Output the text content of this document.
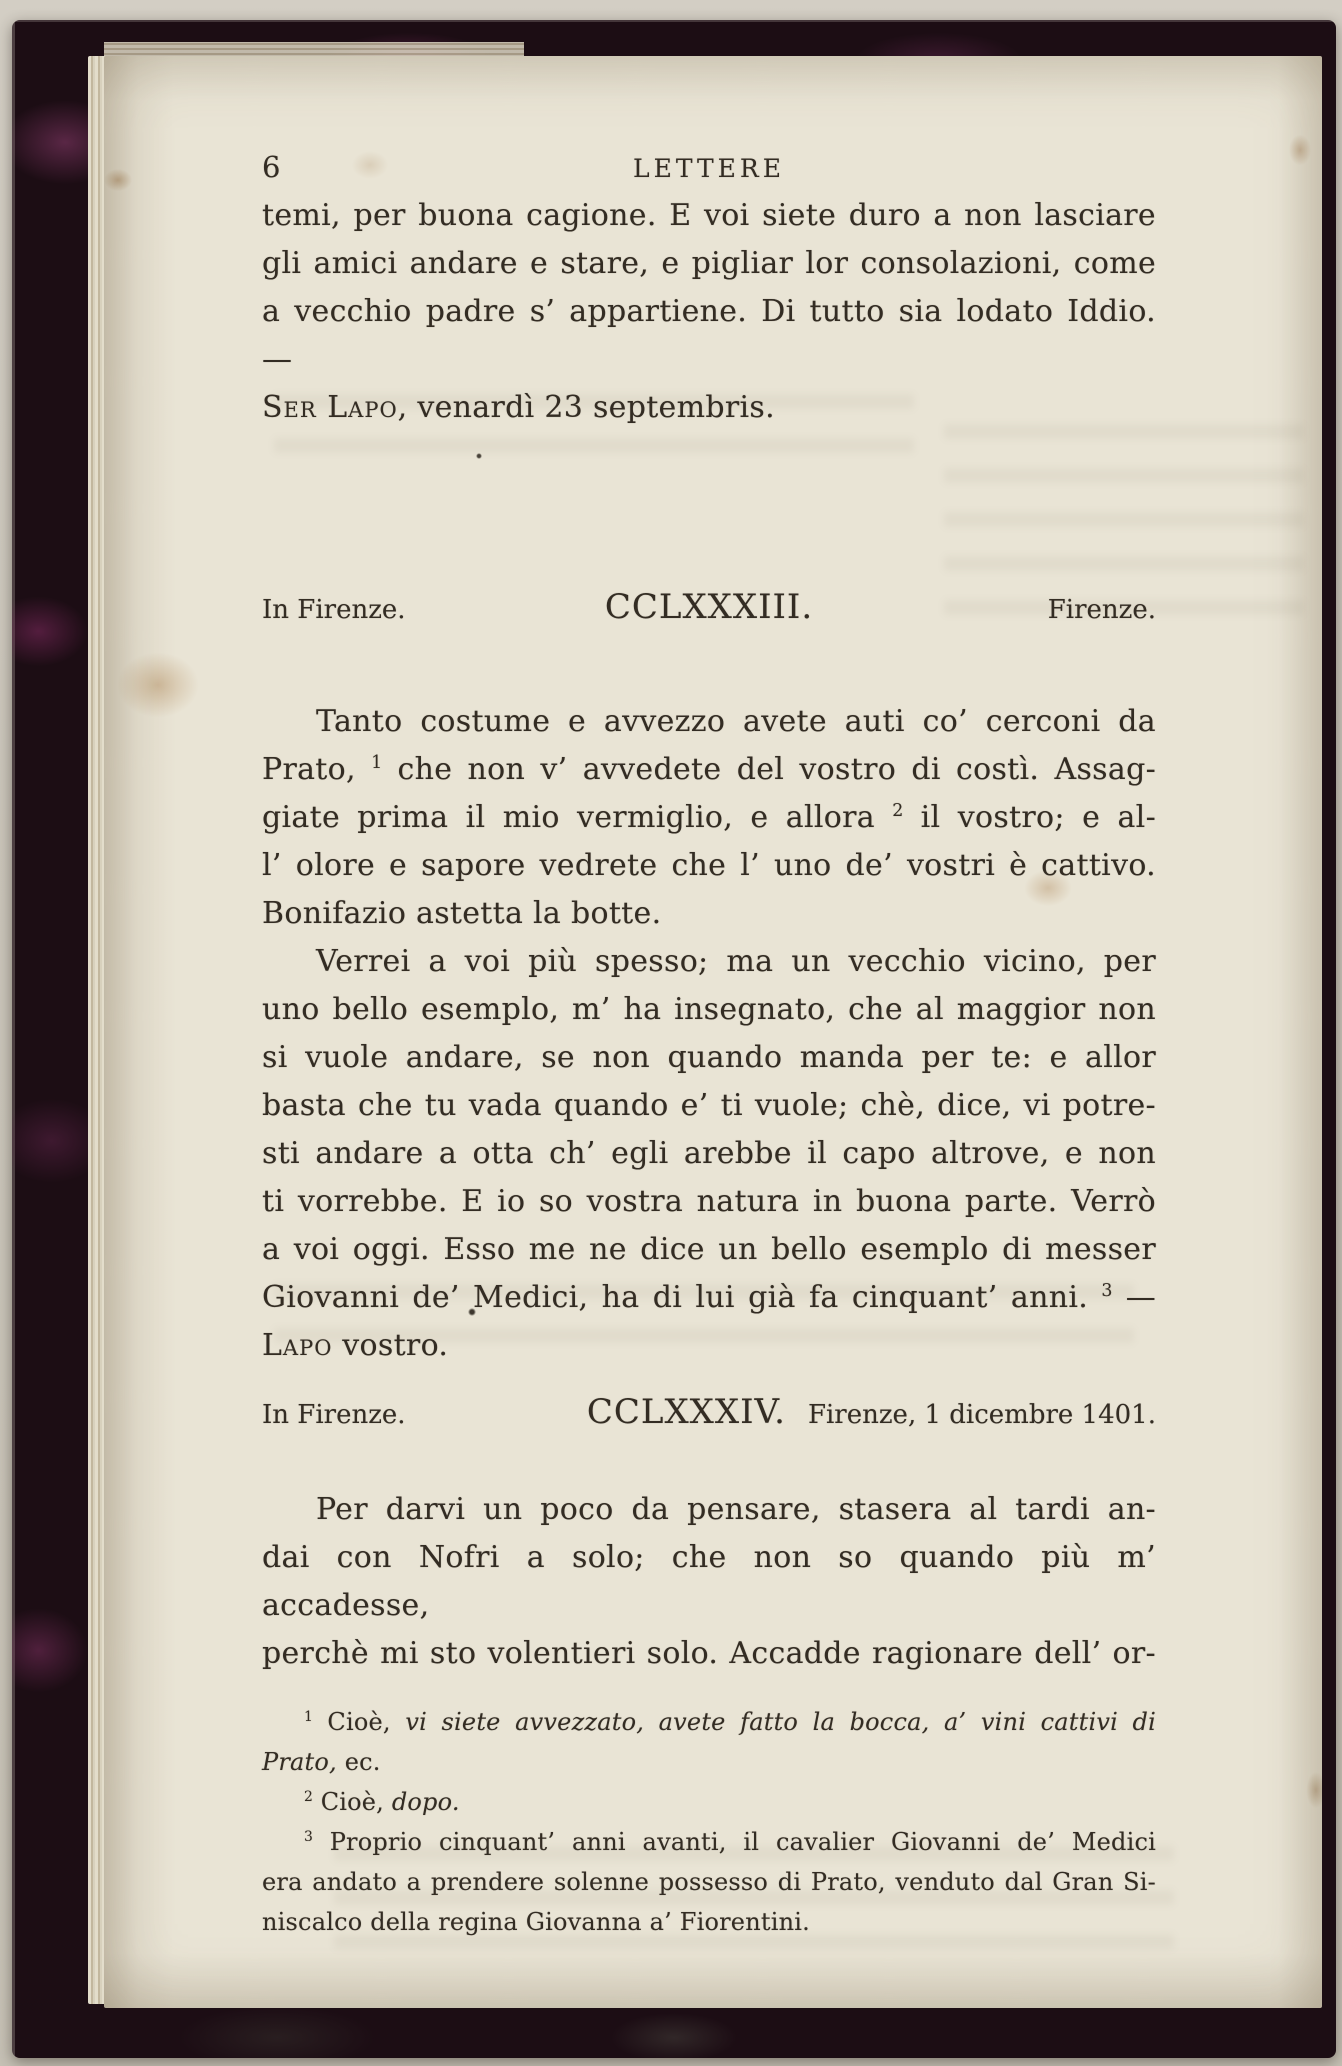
6	LETTERE
temi, per buona cagione. E voi siete duro a non lasciare
gli amici andare e stare, e pigliar lor consolazioni, come
a vecchio padre s’ appartiene. Di tutto sia lodato Iddio. —
Ser Lapo, venardì 23 septembris.
In Firenze.	CCLXXXIII.	Firenze.
Tanto costume e avvezzo avete auti co’ cerconi da
Prato, $^1$ che non v’ avvedete del vostro di costì. Assag-
giate prima il mio vermiglio, e allora $^2$ il vostro; e al-
l’ olore e sapore vedrete che l’ uno de’ vostri è cattivo.
Bonifazio astetta la botte.
Verrei a voi più spesso; ma un vecchio vicino, per
uno bello esemplo, m’ ha insegnato, che al maggior non
si vuole andare, se non quando manda per te: e allor
basta che tu vada quando e’ ti vuole; chè, dice, vi potre-
sti andare a otta ch’ egli arebbe il capo altrove, e non
ti vorrebbe. E io so vostra natura in buona parte. Verrò
a voi oggi. Esso me ne dice un bello esemplo di messer
Giovanni de’ Medici, ha di lui già fa cinquant’ anni. $^3$ —
Lapo vostro.
In Firenze.	CCLXXXIV. Firenze, 1 dicembre 1401.
Per darvi un poco da pensare, stasera al tardi an-
dai con Nofri a solo; che non so quando più m’ accadesse,
perchè mi sto volentieri solo. Accadde ragionare dell’ or-
$^1$ Cioè, vi siete avvezzato, avete fatto la bocca, a’ vini cattivi di
Prato, ec.
$^2$ Cioè, dopo.
$^3$ Proprio cinquant’ anni avanti, il cavalier Giovanni de’ Medici
era andato a prendere solenne possesso di Prato, venduto dal Gran Si-
niscalco della regina Giovanna a’ Fiorentini.
